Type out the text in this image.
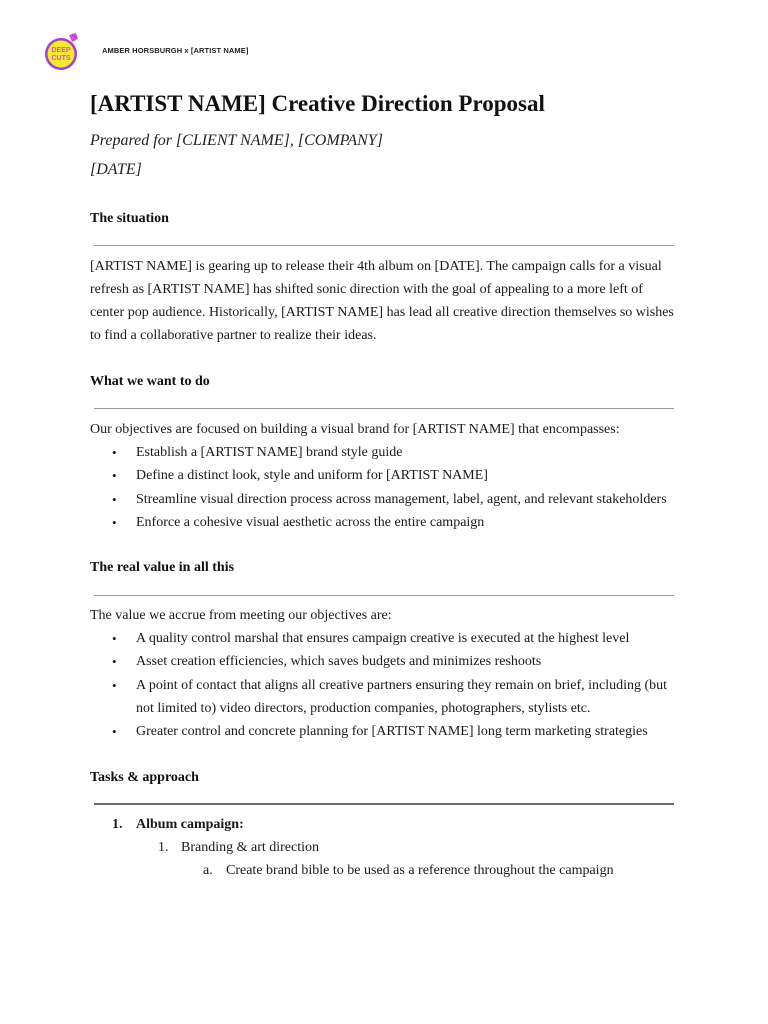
DEEP
CUTS
AMBER HORSBURGH x [ARTIST NAME]
[ARTIST NAME] Creative Direction Proposal

Prepared for [CLIENT NAME], [COMPANY]

[DATE]

The situation

[ARTIST NAME] is gearing up to release their 4th album on [DATE]. The campaign calls for a visual refresh as [ARTIST NAME] has shifted sonic direction with the goal of appealing to a more left of center pop audience. Historically, [ARTIST NAME] has lead all creative direction themselves so wishes to find a collaborative partner to realize their ideas.

What we want to do

Our objectives are focused on building a visual brand for [ARTIST NAME] that encompasses:

• Establish a [ARTIST NAME] brand style guide
• Define a distinct look, style and uniform for [ARTIST NAME]
• Streamline visual direction process across management, label, agent, and relevant stakeholders
• Enforce a cohesive visual aesthetic across the entire campaign
The real value in all this

The value we accrue from meeting our objectives are:

• A quality control marshal that ensures campaign creative is executed at the highest level
• Asset creation efficiencies, which saves budgets and minimizes reshoots
• A point of contact that aligns all creative partners ensuring they remain on brief, including (but not limited to) video directors, production companies, photographers, stylists etc.
• Greater control and concrete planning for [ARTIST NAME] long term marketing strategies
Tasks & approach
1. Album campaign:
1. Branding & art direction
a. Create brand bible to be used as a reference throughout the campaign
